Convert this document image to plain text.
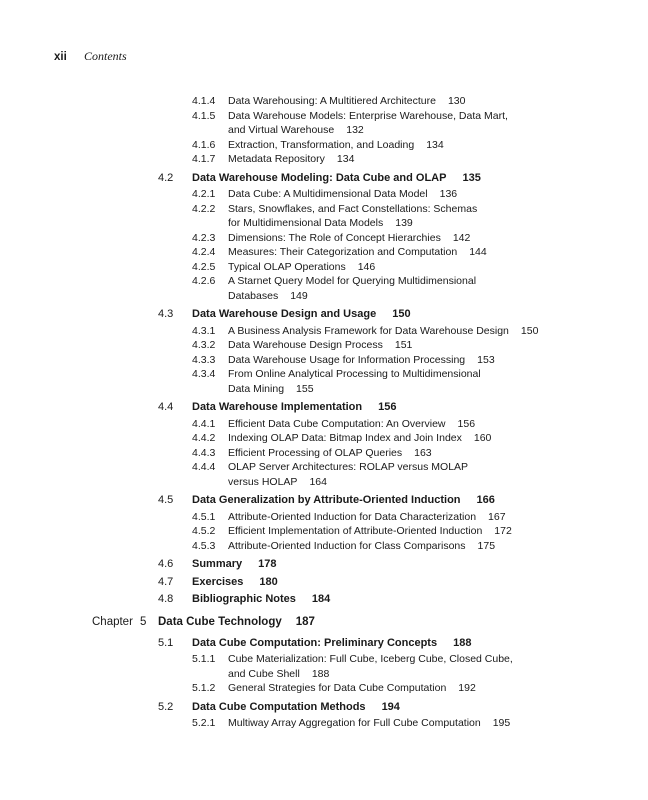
xii Contents
4.1.4 Data Warehousing: A Multitiered Architecture 130
4.1.5 Data Warehouse Models: Enterprise Warehouse, Data Mart,
and Virtual Warehouse 132
4.1.6 Extraction, Transformation, and Loading 134
4.1.7 Metadata Repository 134
4.2 Data Warehouse Modeling: Data Cube and OLAP 135
4.2.1 Data Cube: A Multidimensional Data Model 136
4.2.2 Stars, Snowflakes, and Fact Constellations: Schemas
for Multidimensional Data Models 139
4.2.3 Dimensions: The Role of Concept Hierarchies 142
4.2.4 Measures: Their Categorization and Computation 144
4.2.5 Typical OLAP Operations 146
4.2.6 A Starnet Query Model for Querying Multidimensional
Databases 149
4.3 Data Warehouse Design and Usage 150
4.3.1 A Business Analysis Framework for Data Warehouse Design 150
4.3.2 Data Warehouse Design Process 151
4.3.3 Data Warehouse Usage for Information Processing 153
4.3.4 From Online Analytical Processing to Multidimensional
Data Mining 155
4.4 Data Warehouse Implementation 156
4.4.1 Efficient Data Cube Computation: An Overview 156
4.4.2 Indexing OLAP Data: Bitmap Index and Join Index 160
4.4.3 Efficient Processing of OLAP Queries 163
4.4.4 OLAP Server Architectures: ROLAP versus MOLAP
versus HOLAP 164
4.5 Data Generalization by Attribute-Oriented Induction 166
4.5.1 Attribute-Oriented Induction for Data Characterization 167
4.5.2 Efficient Implementation of Attribute-Oriented Induction 172
4.5.3 Attribute-Oriented Induction for Class Comparisons 175
4.6 Summary 178
4.7 Exercises 180
4.8 Bibliographic Notes 184
Chapter 5 Data Cube Technology 187
5.1 Data Cube Computation: Preliminary Concepts 188
5.1.1 Cube Materialization: Full Cube, Iceberg Cube, Closed Cube,
and Cube Shell 188
5.1.2 General Strategies for Data Cube Computation 192
5.2 Data Cube Computation Methods 194
5.2.1 Multiway Array Aggregation for Full Cube Computation 195
